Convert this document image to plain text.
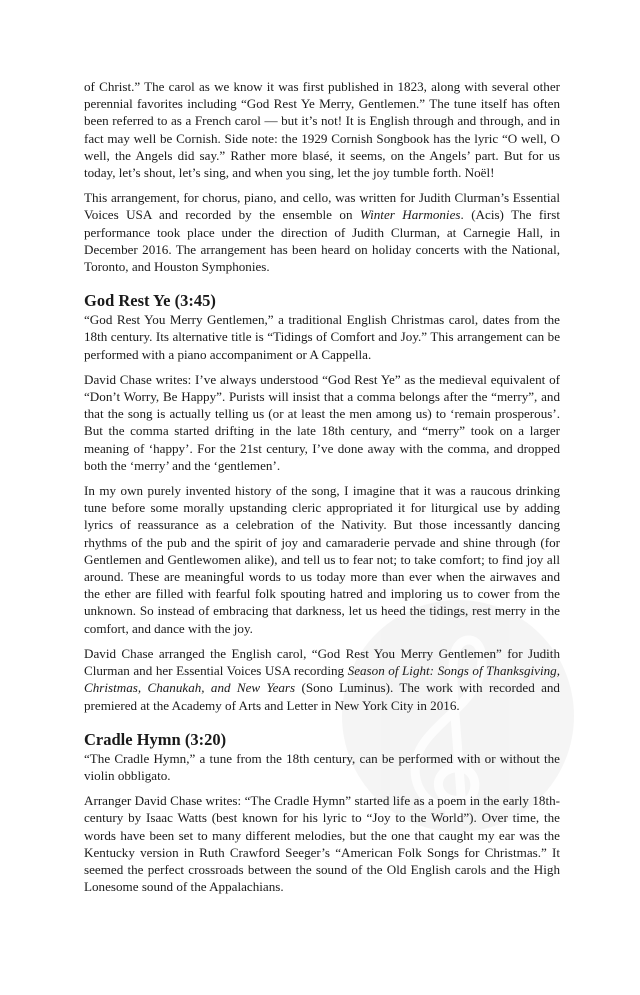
of Christ.” The carol as we know it was first published in 1823, along with several other perennial favorites including “God Rest Ye Merry, Gentlemen.” The tune itself has often been referred to as a French carol — but it’s not! It is English through and through, and in fact may well be Cornish. Side note: the 1929 Cornish Songbook has the lyric “O well, O well, the Angels did say.” Rather more blasé, it seems, on the Angels’ part. But for us today, let’s shout, let’s sing, and when you sing, let the joy tumble forth. Noël!

This arrangement, for chorus, piano, and cello, was written for Judith Clurman’s Essential Voices USA and recorded by the ensemble on Winter Harmonies. (Acis) The first performance took place under the direction of Judith Clurman, at Carnegie Hall, in December 2016. The arrangement has been heard on holiday concerts with the National, Toronto, and Houston Symphonies.

God Rest Ye (3:45)

“God Rest You Merry Gentlemen,” a traditional English Christmas carol, dates from the 18th century. Its alternative title is “Tidings of Comfort and Joy.” This arrangement can be performed with a piano accompaniment or A Cappella.

David Chase writes: I’ve always understood “God Rest Ye” as the medieval equivalent of “Don’t Worry, Be Happy”. Purists will insist that a comma belongs after the “merry”, and that the song is actually telling us (or at least the men among us) to ‘remain prosperous’. But the comma started drifting in the late 18th century, and “merry” took on a larger meaning of ‘happy’. For the 21st century, I’ve done away with the comma, and dropped both the ‘merry’ and the ‘gentlemen’.

In my own purely invented history of the song, I imagine that it was a raucous drinking tune before some morally upstanding cleric appropriated it for liturgical use by adding lyrics of reassurance as a celebration of the Nativity. But those incessantly dancing rhythms of the pub and the spirit of joy and camaraderie pervade and shine through (for Gentlemen and Gentlewomen alike), and tell us to fear not; to take comfort; to find joy all around. These are meaningful words to us today more than ever when the airwaves and the ether are filled with fearful folk spouting hatred and imploring us to cower from the unknown. So instead of embracing that darkness, let us heed the tidings, rest merry in the comfort, and dance with the joy.

David Chase arranged the English carol, “God Rest You Merry Gentlemen” for Judith Clurman and her Essential Voices USA recording Season of Light: Songs of Thanksgiving, Christmas, Chanukah, and New Years (Sono Luminus). The work with recorded and premiered at the Academy of Arts and Letter in New York City in 2016.

Cradle Hymn (3:20)

“The Cradle Hymn,” a tune from the 18th century, can be performed with or without the violin obbligato.

Arranger David Chase writes: “The Cradle Hymn” started life as a poem in the early 18th-century by Isaac Watts (best known for his lyric to “Joy to the World”). Over time, the words have been set to many different melodies, but the one that caught my ear was the Kentucky version in Ruth Crawford Seeger’s “American Folk Songs for Christmas.” It seemed the perfect crossroads between the sound of the Old English carols and the High Lonesome sound of the Appalachians.
